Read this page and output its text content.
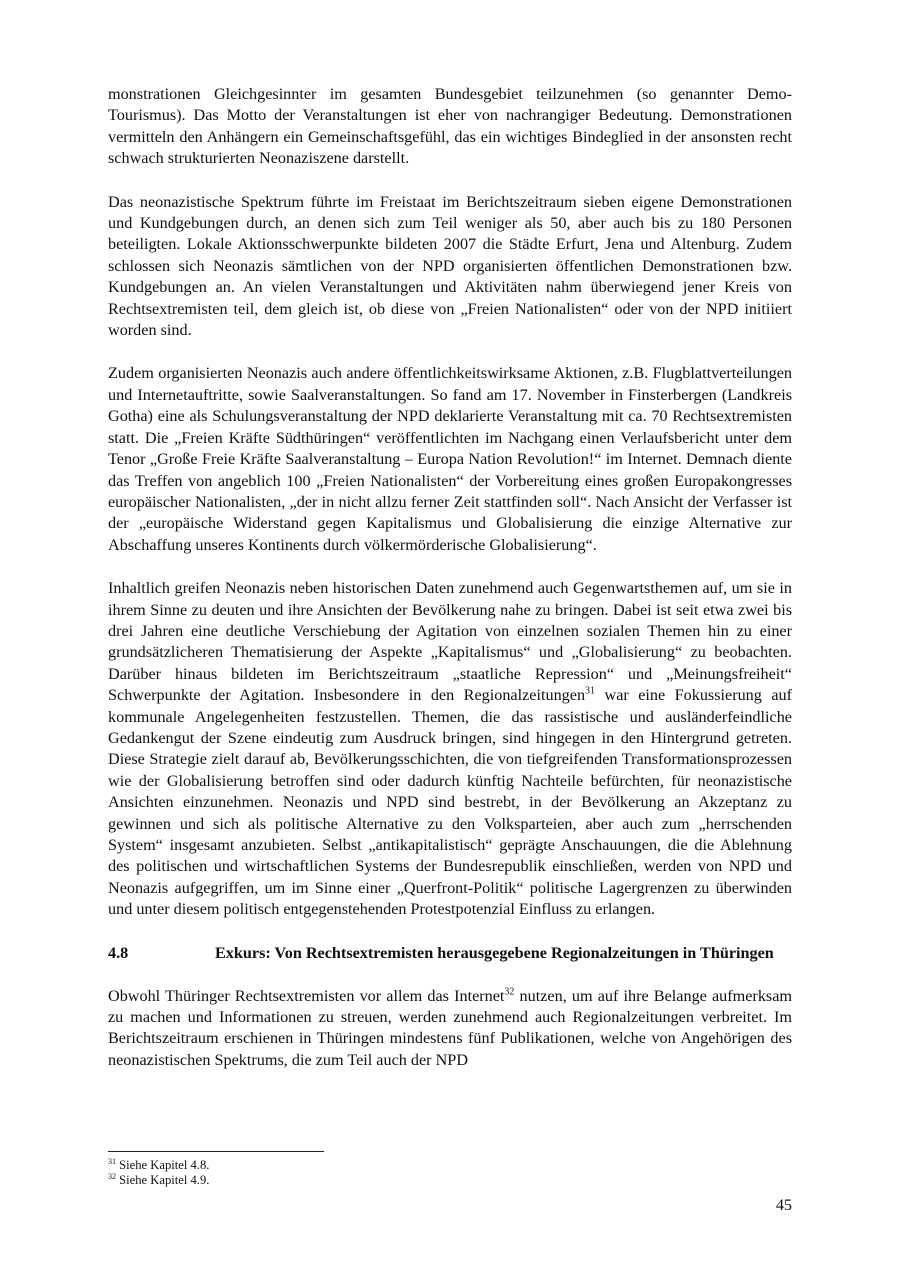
monstrationen Gleichgesinnter im gesamten Bundesgebiet teilzunehmen (so genannter Demo-Tourismus). Das Motto der Veranstaltungen ist eher von nachrangiger Bedeutung. Demonstrationen vermitteln den Anhängern ein Gemeinschaftsgefühl, das ein wichtiges Bindeglied in der ansonsten recht schwach strukturierten Neonaziszene darstellt.

Das neonazistische Spektrum führte im Freistaat im Berichtszeitraum sieben eigene Demonstrationen und Kundgebungen durch, an denen sich zum Teil weniger als 50, aber auch bis zu 180 Personen beteiligten. Lokale Aktionsschwerpunkte bildeten 2007 die Städte Erfurt, Jena und Altenburg. Zudem schlossen sich Neonazis sämtlichen von der NPD organisierten öffentlichen Demonstrationen bzw. Kundgebungen an. An vielen Veranstaltungen und Aktivitäten nahm überwiegend jener Kreis von Rechtsextremisten teil, dem gleich ist, ob diese von „Freien Nationalisten“ oder von der NPD initiiert worden sind.

Zudem organisierten Neonazis auch andere öffentlichkeitswirksame Aktionen, z.B. Flugblattverteilungen und Internetauftritte, sowie Saalveranstaltungen. So fand am 17. November in Finsterbergen (Landkreis Gotha) eine als Schulungsveranstaltung der NPD deklarierte Veranstaltung mit ca. 70 Rechtsextremisten statt. Die „Freien Kräfte Südthüringen“ veröffentlichten im Nachgang einen Verlaufsbericht unter dem Tenor „Große Freie Kräfte Saalveranstaltung – Europa Nation Revolution!“ im Internet. Demnach diente das Treffen von angeblich 100 „Freien Nationalisten“ der Vorbereitung eines großen Europakongresses europäischer Nationalisten, „der in nicht allzu ferner Zeit stattfinden soll“. Nach Ansicht der Verfasser ist der „europäische Widerstand gegen Kapitalismus und Globalisierung die einzige Alternative zur Abschaffung unseres Kontinents durch völkermörderische Globalisierung“.

Inhaltlich greifen Neonazis neben historischen Daten zunehmend auch Gegenwartsthemen auf, um sie in ihrem Sinne zu deuten und ihre Ansichten der Bevölkerung nahe zu bringen. Dabei ist seit etwa zwei bis drei Jahren eine deutliche Verschiebung der Agitation von einzelnen sozialen Themen hin zu einer grundsätzlicheren Thematisierung der Aspekte „Kapitalismus“ und „Globalisierung“ zu beobachten. Darüber hinaus bildeten im Berichtszeitraum „staatliche Repression“ und „Meinungsfreiheit“ Schwerpunkte der Agitation. Insbesondere in den Regionalzeitungen$^{31}$ war eine Fokussierung auf kommunale Angelegenheiten festzustellen. Themen, die das rassistische und ausländerfeindliche Gedankengut der Szene eindeutig zum Ausdruck bringen, sind hingegen in den Hintergrund getreten. Diese Strategie zielt darauf ab, Bevölkerungsschichten, die von tiefgreifenden Transformationsprozessen wie der Globalisierung betroffen sind oder dadurch künftig Nachteile befürchten, für neonazistische Ansichten einzunehmen. Neonazis und NPD sind bestrebt, in der Bevölkerung an Akzeptanz zu gewinnen und sich als politische Alternative zu den Volksparteien, aber auch zum „herrschenden System“ insgesamt anzubieten. Selbst „antikapitalistisch“ geprägte Anschauungen, die die Ablehnung des politischen und wirtschaftlichen Systems der Bundesrepublik einschließen, werden von NPD und Neonazis aufgegriffen, um im Sinne einer „Querfront-Politik“ politische Lagergrenzen zu überwinden und unter diesem politisch entgegenstehenden Protestpotenzial Einfluss zu erlangen.

4.8	Exkurs: Von Rechtsextremisten herausgegebene Regionalzeitungen in Thüringen

Obwohl Thüringer Rechtsextremisten vor allem das Internet$^{32}$ nutzen, um auf ihre Belange aufmerksam zu machen und Informationen zu streuen, werden zunehmend auch Regionalzeitungen verbreitet. Im Berichtszeitraum erschienen in Thüringen mindestens fünf Publikationen, welche von Angehörigen des neonazistischen Spektrums, die zum Teil auch der NPD

$^{31}$ Siehe Kapitel 4.8.
$^{32}$ Siehe Kapitel 4.9.
45
